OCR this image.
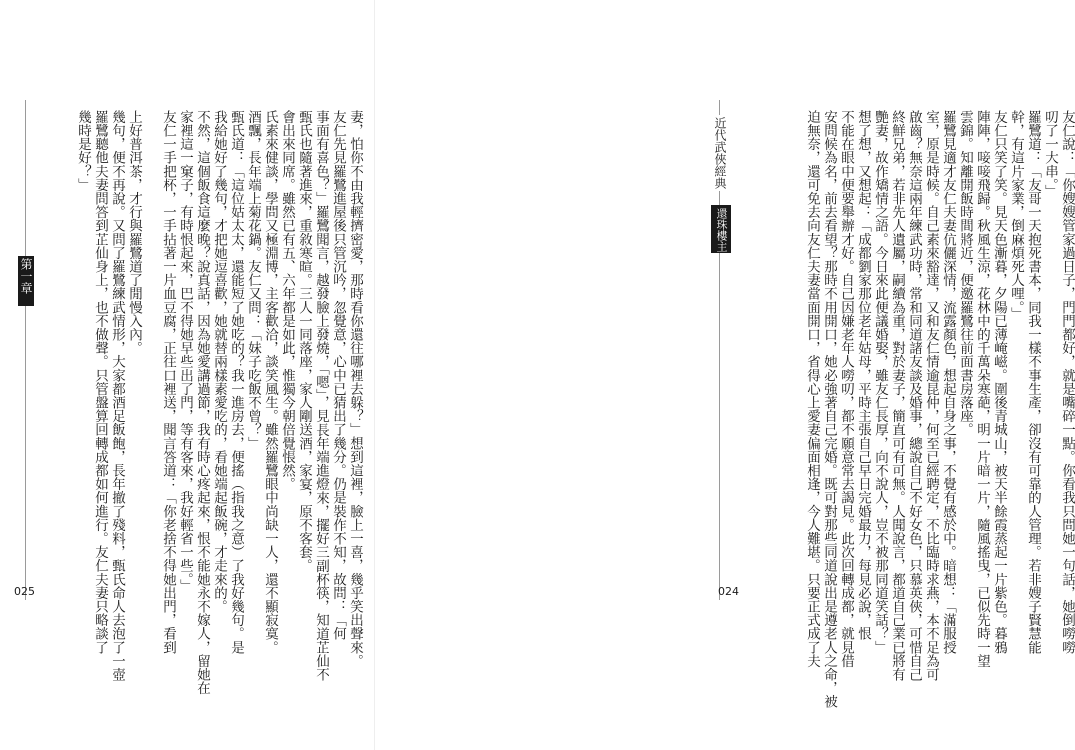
第一章
025	妻，怕你不由我輕擠密愛，那時看你還往哪裡去躲？」想到這裡，臉上一喜，幾乎笑出聲來。
友仁先見羅鷺進屋後只管沉吟，忽覺意，心中已猜出了幾分。仍是裝作不知，故問：「何
事面有喜色？」羅鷺聞言，越發臉上發燒，「嗯」，見長年端進燈來，擺好三副杯筷，知道芷仙不
甄氏也隨著進來，重敘寒暄。三人一同落座，家人剛送酒，家宴，原不客套。
會出來同席。雖然已有五、六年都是如此，惟獨今朝倍覺悵然。
氏素來健談，學問又極淵博，主客歡洽，談笑風生。雖然羅鷺眼中尚缺一人，還不顯寂寞。
酒飄，長年端上菊花鍋。友仁又問：「妹子吃飯不曾？」
甄氏道：「這位姑太太，還能短了她吃的？我一進房去，便搖（指我之意）了我好幾句。是
我給她好了幾句，才把她逗喜歡，她就替兩樣素愛吃的，看她端起飯碗，才走來的。
不然，這個飯食這麼晚？說真話，因為她愛講過節，我有時心疼起來，恨不能她永不嫁人，留她在
家裡這一窠子，有時恨起來，巴不得她早些出了門，等有客來，我好輕省一些。」
友仁一手把杯，一手拈著一片血豆腐，正往口裡送，聞言答道：「你老捨不得她出門，看到
上好普洱茶，才行與羅鷺道了閒慢入內。
幾句，便不再說。又問了羅鷺練武情形，大家都酒足飯飽，長年撤了殘料，甄氏命人去泡了一壺
羅鷺聽他夫妻問答到芷仙身上，也不做聲。只管盤算回轉成都如何進行。友仁夫妻只略談了
幾時是好？」	友仁說：「你嫂嫂管家過日子，門門都好，就是嘴碎一點。你看我只問她一句話，她倒嘮嘮
叨了一大串。」
羅鷺道：「友哥一天抱死書本，同我一樣不事生產，卻沒有可靠的人管理。若非嫂子賢慧能
幹，有這片家業，倒麻煩死人哩。」
友仁只笑了笑。見天色漸暮，夕陽已薄崦嵫。圍後青城山，被天半餘霞蒸起一片紫色。暮鴉
陣陣，唼唼飛歸。秋風生涼，花林中的千萬朵寒葩，明一片暗一片，隨風搖曳，已似先時一望
雲錦。知離開飯時間將近，便邀羅鷺往前面書房落座。
羅鷺見適才友仁夫妻伉儷深情，流露顏色，想起自身之事，不覺有感於中。暗想：「滿服授
室，原是時候。自己素來豁達，又和友仁情逾昆仲，何至已經聘定，不比臨時求燕，本不足為可
啟齒？無奈這兩年練武功時，常和同道諸友談及婚事，總說自己不好女色，只慕英俠，可惜自己
終鮮兄弟，若非先人遺屬，嗣續為重，對於妻子，簡直可有可無。人聞說言，都道自己業已將有
艷妻，故作矯情之語。今日來此便議婚娶，雖友仁長厚，向不說人，豈不被那同道笑話？」
想了想，又想起：「成都劉家那位老年姑母，平時主張自己早日完婚最力，每見必說，恨
不能在眼中便要舉辦才好。自己因嫌老年人嘮叨，都不願意常去謁見。此次回轉成都，就見借
安問候為名，前去看望？那時不用開口，她必強著自己完婚。既可對那些同道說出是遵老人之命，被
迫無奈，還可免去向友仁夫妻當面開口，省得心上愛妻偏面相逢，今人難堪。只要正式成了夫
近代武俠經典
還珠樓主
024
